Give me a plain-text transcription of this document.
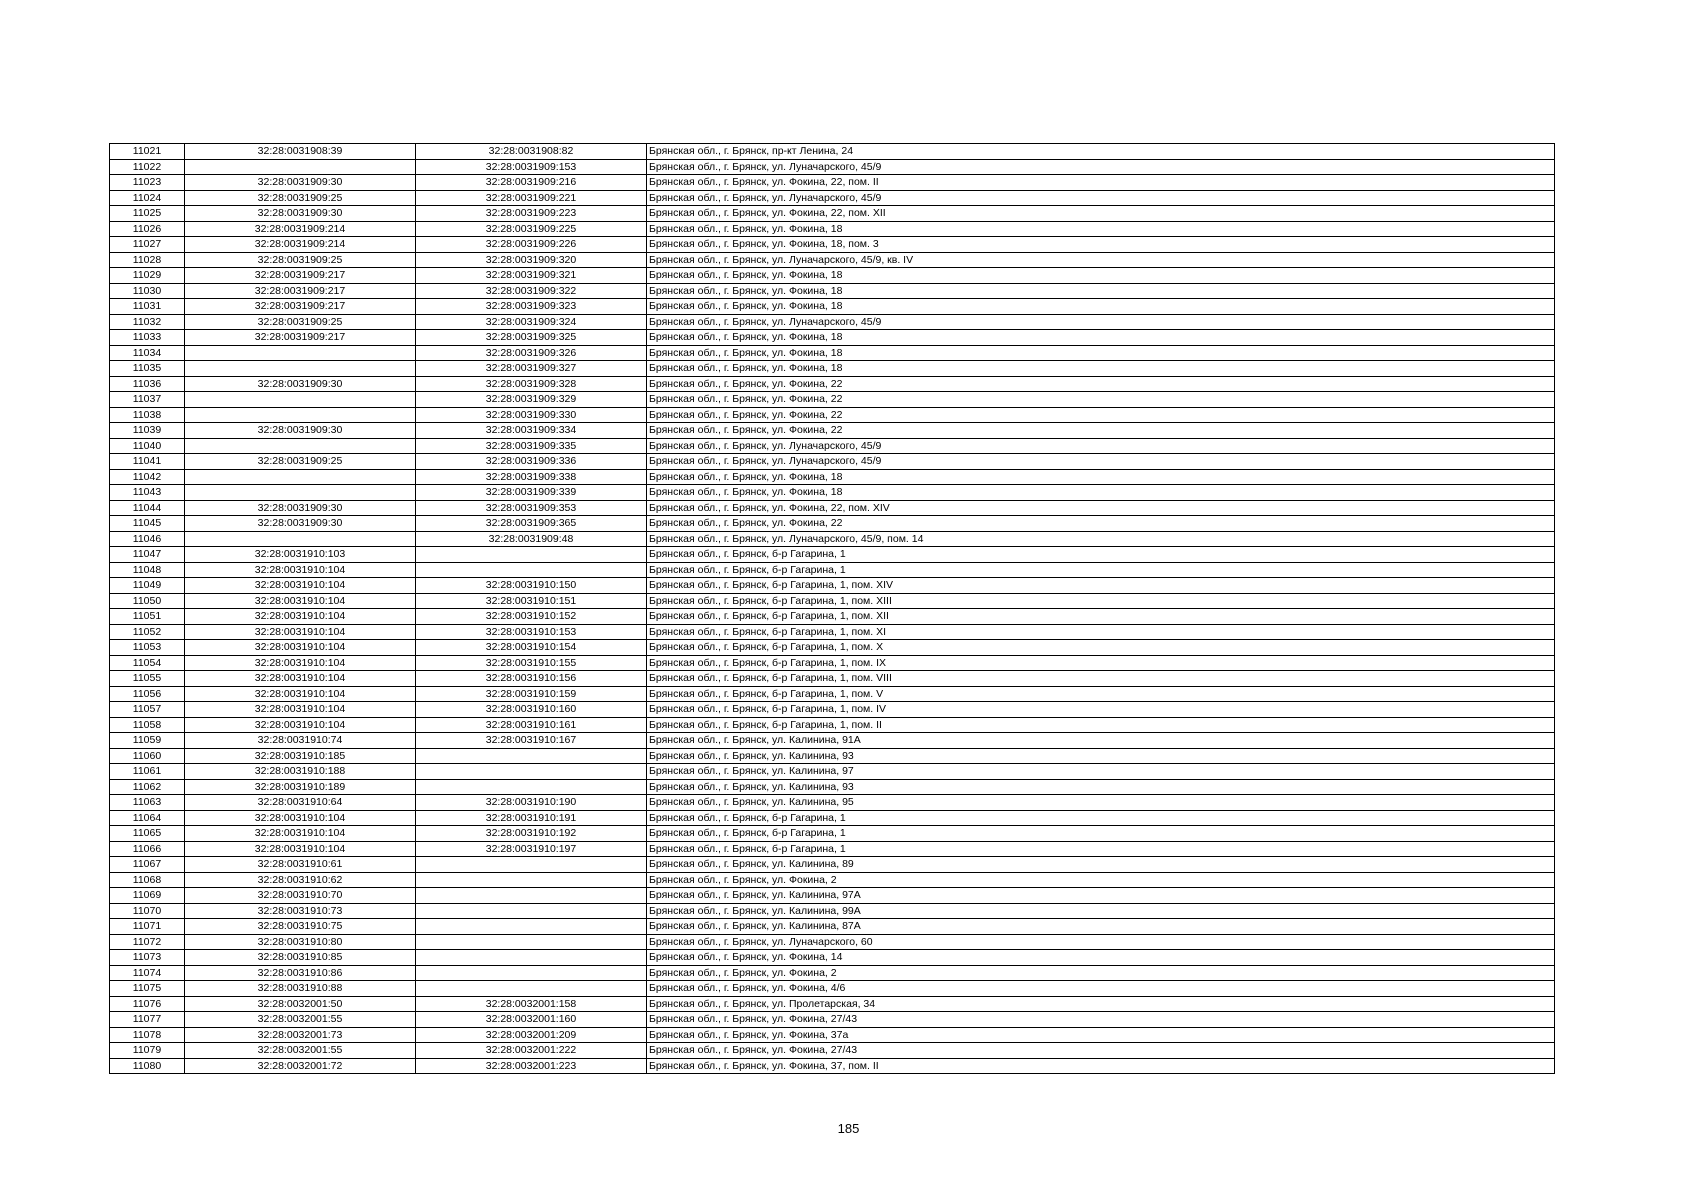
11021	32:28:0031908:39	32:28:0031908:82	Брянская обл., г. Брянск, пр-кт Ленина, 24
11022		32:28:0031909:153	Брянская обл., г. Брянск, ул. Луначарского, 45/9
11023	32:28:0031909:30	32:28:0031909:216	Брянская обл., г. Брянск, ул. Фокина, 22, пом. II
11024	32:28:0031909:25	32:28:0031909:221	Брянская обл., г. Брянск, ул. Луначарского, 45/9
11025	32:28:0031909:30	32:28:0031909:223	Брянская обл., г. Брянск, ул. Фокина, 22, пом. XII
11026	32:28:0031909:214	32:28:0031909:225	Брянская обл., г. Брянск, ул. Фокина, 18
11027	32:28:0031909:214	32:28:0031909:226	Брянская обл., г. Брянск, ул. Фокина, 18, пом. 3
11028	32:28:0031909:25	32:28:0031909:320	Брянская обл., г. Брянск, ул. Луначарского, 45/9, кв. IV
11029	32:28:0031909:217	32:28:0031909:321	Брянская обл., г. Брянск, ул. Фокина, 18
11030	32:28:0031909:217	32:28:0031909:322	Брянская обл., г. Брянск, ул. Фокина, 18
11031	32:28:0031909:217	32:28:0031909:323	Брянская обл., г. Брянск, ул. Фокина, 18
11032	32:28:0031909:25	32:28:0031909:324	Брянская обл., г. Брянск, ул. Луначарского, 45/9
11033	32:28:0031909:217	32:28:0031909:325	Брянская обл., г. Брянск, ул. Фокина, 18
11034		32:28:0031909:326	Брянская обл., г. Брянск, ул. Фокина, 18
11035		32:28:0031909:327	Брянская обл., г. Брянск, ул. Фокина, 18
11036	32:28:0031909:30	32:28:0031909:328	Брянская обл., г. Брянск, ул. Фокина, 22
11037		32:28:0031909:329	Брянская обл., г. Брянск, ул. Фокина, 22
11038		32:28:0031909:330	Брянская обл., г. Брянск, ул. Фокина, 22
11039	32:28:0031909:30	32:28:0031909:334	Брянская обл., г. Брянск, ул. Фокина, 22
11040		32:28:0031909:335	Брянская обл., г. Брянск, ул. Луначарского, 45/9
11041	32:28:0031909:25	32:28:0031909:336	Брянская обл., г. Брянск, ул. Луначарского, 45/9
11042		32:28:0031909:338	Брянская обл., г. Брянск, ул. Фокина, 18
11043		32:28:0031909:339	Брянская обл., г. Брянск, ул. Фокина, 18
11044	32:28:0031909:30	32:28:0031909:353	Брянская обл., г. Брянск, ул. Фокина, 22, пом. XIV
11045	32:28:0031909:30	32:28:0031909:365	Брянская обл., г. Брянск, ул. Фокина, 22
11046		32:28:0031909:48	Брянская обл., г. Брянск, ул. Луначарского, 45/9, пом. 14
11047	32:28:0031910:103		Брянская обл., г. Брянск, б-р Гагарина, 1
11048	32:28:0031910:104		Брянская обл., г. Брянск, б-р Гагарина, 1
11049	32:28:0031910:104	32:28:0031910:150	Брянская обл., г. Брянск, б-р Гагарина, 1, пом. XIV
11050	32:28:0031910:104	32:28:0031910:151	Брянская обл., г. Брянск, б-р Гагарина, 1, пом. XIII
11051	32:28:0031910:104	32:28:0031910:152	Брянская обл., г. Брянск, б-р Гагарина, 1, пом. XII
11052	32:28:0031910:104	32:28:0031910:153	Брянская обл., г. Брянск, б-р Гагарина, 1, пом. XI
11053	32:28:0031910:104	32:28:0031910:154	Брянская обл., г. Брянск, б-р Гагарина, 1, пом. X
11054	32:28:0031910:104	32:28:0031910:155	Брянская обл., г. Брянск, б-р Гагарина, 1, пом. IX
11055	32:28:0031910:104	32:28:0031910:156	Брянская обл., г. Брянск, б-р Гагарина, 1, пом. VIII
11056	32:28:0031910:104	32:28:0031910:159	Брянская обл., г. Брянск, б-р Гагарина, 1, пом. V
11057	32:28:0031910:104	32:28:0031910:160	Брянская обл., г. Брянск, б-р Гагарина, 1, пом. IV
11058	32:28:0031910:104	32:28:0031910:161	Брянская обл., г. Брянск, б-р Гагарина, 1, пом. II
11059	32:28:0031910:74	32:28:0031910:167	Брянская обл., г. Брянск, ул. Калинина, 91А
11060	32:28:0031910:185		Брянская обл., г. Брянск, ул. Калинина, 93
11061	32:28:0031910:188		Брянская обл., г. Брянск, ул. Калинина, 97
11062	32:28:0031910:189		Брянская обл., г. Брянск, ул. Калинина, 93
11063	32:28:0031910:64	32:28:0031910:190	Брянская обл., г. Брянск, ул. Калинина, 95
11064	32:28:0031910:104	32:28:0031910:191	Брянская обл., г. Брянск, б-р Гагарина, 1
11065	32:28:0031910:104	32:28:0031910:192	Брянская обл., г. Брянск, б-р Гагарина, 1
11066	32:28:0031910:104	32:28:0031910:197	Брянская обл., г. Брянск, б-р Гагарина, 1
11067	32:28:0031910:61		Брянская обл., г. Брянск, ул. Калинина, 89
11068	32:28:0031910:62		Брянская обл., г. Брянск, ул. Фокина, 2
11069	32:28:0031910:70		Брянская обл., г. Брянск, ул. Калинина, 97А
11070	32:28:0031910:73		Брянская обл., г. Брянск, ул. Калинина, 99А
11071	32:28:0031910:75		Брянская обл., г. Брянск, ул. Калинина, 87А
11072	32:28:0031910:80		Брянская обл., г. Брянск, ул. Луначарского, 60
11073	32:28:0031910:85		Брянская обл., г. Брянск, ул. Фокина, 14
11074	32:28:0031910:86		Брянская обл., г. Брянск, ул. Фокина, 2
11075	32:28:0031910:88		Брянская обл., г. Брянск, ул. Фокина, 4/6
11076	32:28:0032001:50	32:28:0032001:158	Брянская обл., г. Брянск, ул. Пролетарская, 34
11077	32:28:0032001:55	32:28:0032001:160	Брянская обл., г. Брянск, ул. Фокина, 27/43
11078	32:28:0032001:73	32:28:0032001:209	Брянская обл., г. Брянск, ул. Фокина, 37а
11079	32:28:0032001:55	32:28:0032001:222	Брянская обл., г. Брянск, ул. Фокина, 27/43
11080	32:28:0032001:72	32:28:0032001:223	Брянская обл., г. Брянск, ул. Фокина, 37, пом. II
185
